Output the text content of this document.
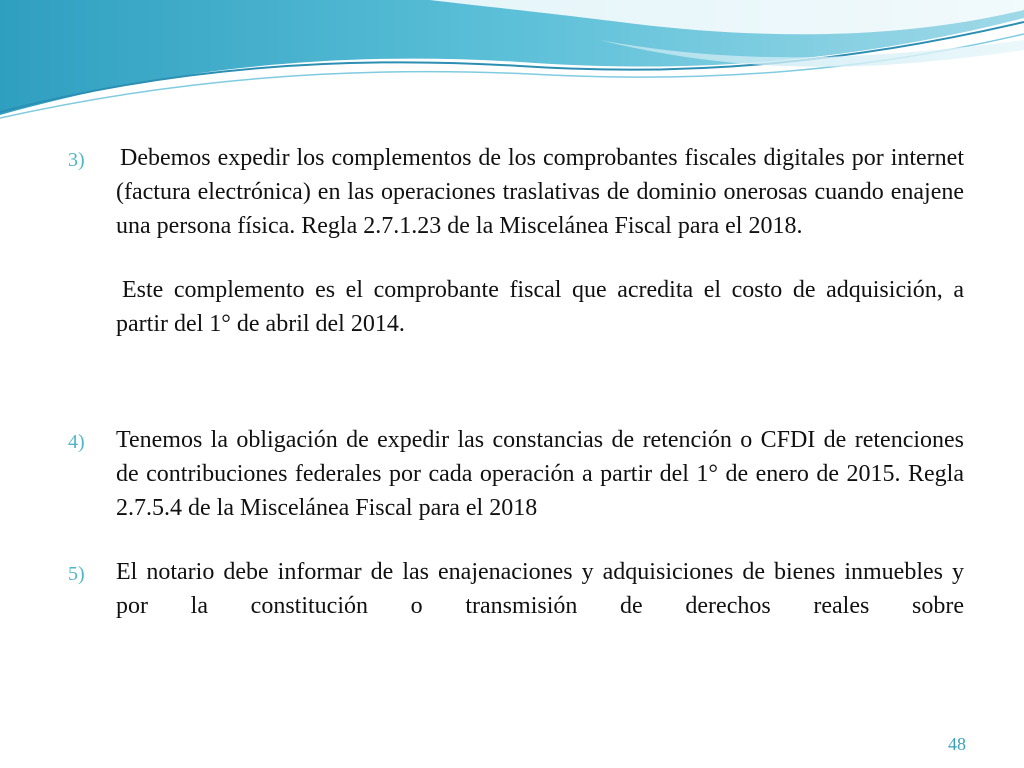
3)	Debemos expedir los complementos de los comprobantes fiscales digitales por internet (factura electrónica) en las operaciones traslativas de dominio onerosas cuando enajene una persona física. Regla 2.7.1.23 de la Miscelánea Fiscal para el 2018.
Este complemento es el comprobante fiscal que acredita el costo de adquisición, a partir del 1° de abril del 2014.
4)	Tenemos la obligación de expedir las constancias de retención o CFDI de retenciones de contribuciones federales por cada operación a partir del 1° de enero de 2015. Regla 2.7.5.4 de la Miscelánea Fiscal para el 2018
5)	El notario debe informar de las enajenaciones y adquisiciones de bienes inmuebles y por la constitución o transmisión de derechos reales sobre
48
